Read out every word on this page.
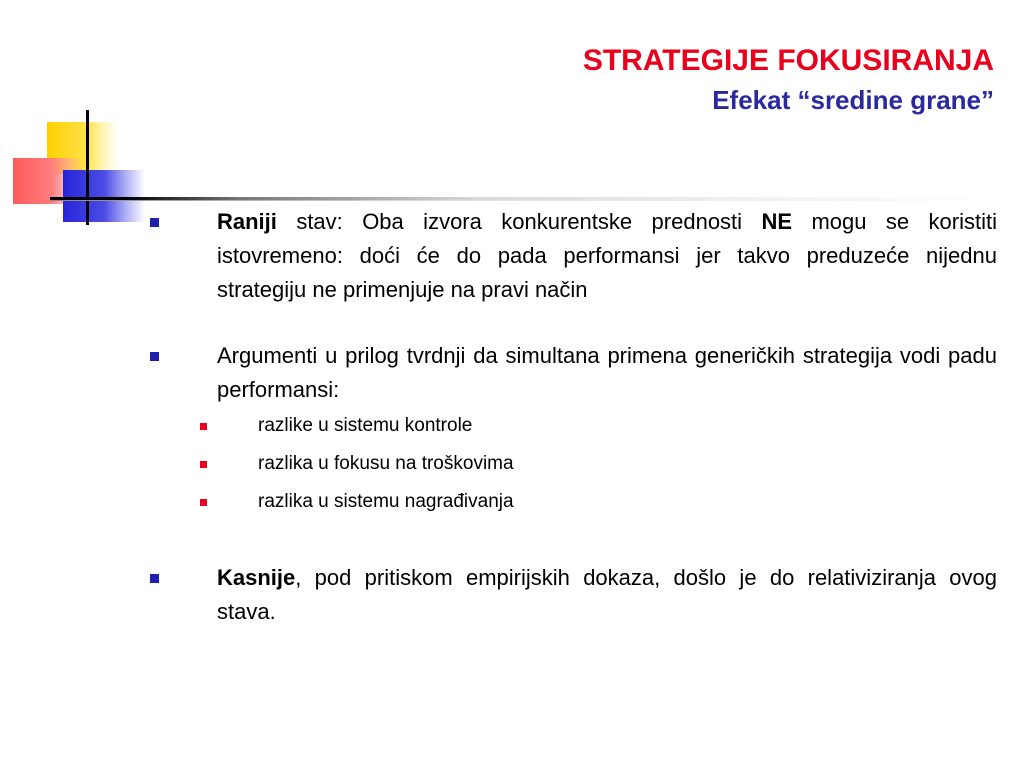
STRATEGIJE FOKUSIRANJA
Efekat “sredine grane”
Raniji stav: Oba izvora konkurentske prednosti NE mogu se koristiti istovremeno: doći će do pada performansi jer takvo preduzeće nijednu strategiju ne primenjuje na pravi način
Argumenti u prilog tvrdnji da simultana primena generičkih strategija vodi padu performansi:
razlike u sistemu kontrole
razlika u fokusu na troškovima
razlika u sistemu nagrađivanja
Kasnije, pod pritiskom empirijskih dokaza, došlo je do relativiziranja ovog stava.
